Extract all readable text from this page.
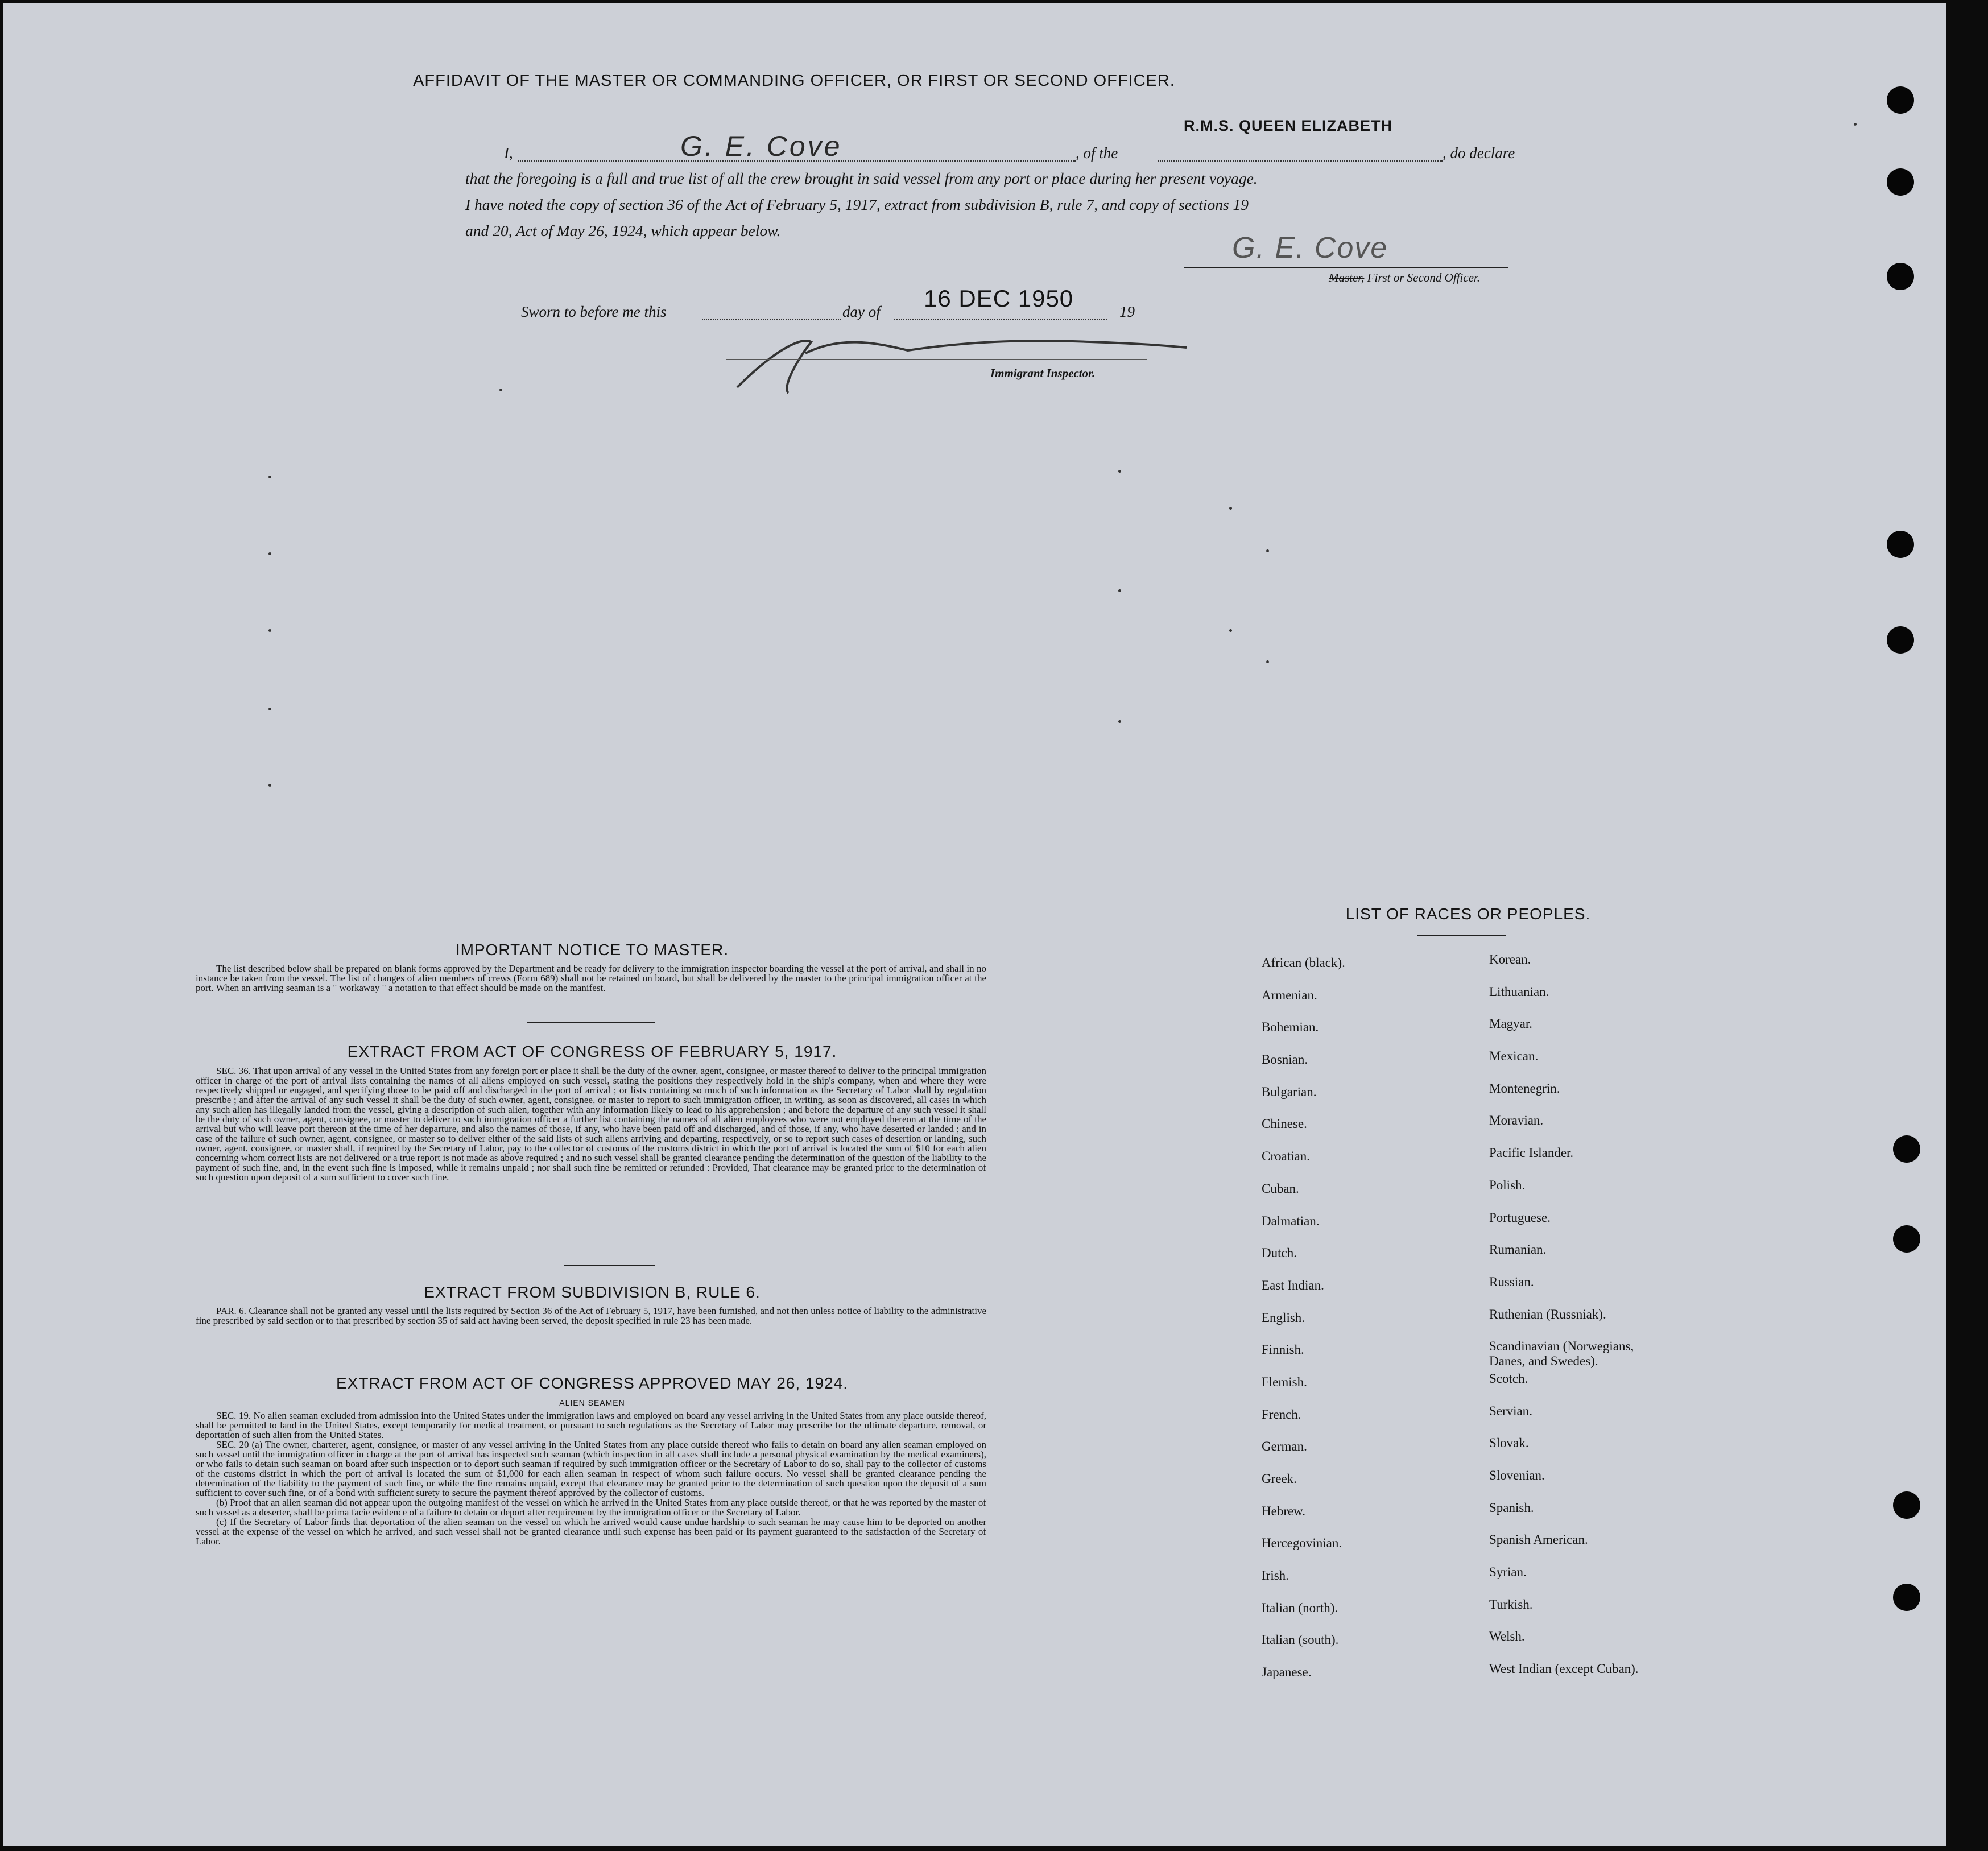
AFFIDAVIT OF THE MASTER OR COMMANDING OFFICER, OR FIRST OR SECOND OFFICER.
R.M.S. QUEEN ELIZABETH
I,	G. E. Cove	, of the	, do declare
that the foregoing is a full and true list of all the crew brought in said vessel from any port or place during her present voyage.
I have noted the copy of section 36 of the Act of February 5, 1917, extract from subdivision B, rule 7, and copy of sections 19
and 20, Act of May 26, 1924, which appear below.
G. E. Cove
Master, First or Second Officer.
Sworn to before me this	day of 16 DEC 1950	19
Immigrant Inspector.
IMPORTANT NOTICE TO MASTER.
The list described below shall be prepared on blank forms approved by the Department and be ready for delivery to the immigration inspector boarding the vessel at the port of arrival, and shall in no instance be taken from the vessel. The list of changes of alien members of crews (Form 689) shall not be retained on board, but shall be delivered by the master to the principal immigration officer at the port. When an arriving seaman is a " workaway " a notation to that effect should be made on the manifest.
EXTRACT FROM ACT OF CONGRESS OF FEBRUARY 5, 1917.
SEC. 36. That upon arrival of any vessel in the United States from any foreign port or place it shall be the duty of the owner, agent, consignee, or master thereof to deliver to the principal immigration officer in charge of the port of arrival lists containing the names of all aliens employed on such vessel, stating the positions they respectively hold in the ship's company, when and where they were respectively shipped or engaged, and specifying those to be paid off and discharged in the port of arrival ; or lists containing so much of such information as the Secretary of Labor shall by regulation prescribe ; and after the arrival of any such vessel it shall be the duty of such owner, agent, consignee, or master to report to such immigration officer, in writing, as soon as discovered, all cases in which any such alien has illegally landed from the vessel, giving a description of such alien, together with any information likely to lead to his apprehension ; and before the departure of any such vessel it shall be the duty of such owner, agent, consignee, or master to deliver to such immigration officer a further list containing the names of all alien employees who were not employed thereon at the time of the arrival but who will leave port thereon at the time of her departure, and also the names of those, if any, who have been paid off and discharged, and of those, if any, who have deserted or landed ; and in case of the failure of such owner, agent, consignee, or master so to deliver either of the said lists of such aliens arriving and departing, respectively, or so to report such cases of desertion or landing, such owner, agent, consignee, or master shall, if required by the Secretary of Labor, pay to the collector of customs of the customs district in which the port of arrival is located the sum of $10 for each alien concerning whom correct lists are not delivered or a true report is not made as above required ; and no such vessel shall be granted clearance pending the determination of the question of the liability to the payment of such fine, and, in the event such fine is imposed, while it remains unpaid ; nor shall such fine be remitted or refunded : Provided, That clearance may be granted prior to the determination of such question upon deposit of a sum sufficient to cover such fine.
EXTRACT FROM SUBDIVISION B, RULE 6.
PAR. 6. Clearance shall not be granted any vessel until the lists required by Section 36 of the Act of February 5, 1917, have been furnished, and not then unless notice of liability to the administrative fine prescribed by said section or to that prescribed by section 35 of said act having been served, the deposit specified in rule 23 has been made.
EXTRACT FROM ACT OF CONGRESS APPROVED MAY 26, 1924.
ALIEN SEAMEN

SEC. 19. No alien seaman excluded from admission into the United States under the immigration laws and employed on board any vessel arriving in the United States from any place outside thereof, shall be permitted to land in the United States, except temporarily for medical treatment, or pursuant to such regulations as the Secretary of Labor may prescribe for the ultimate departure, removal, or deportation of such alien from the United States.

SEC. 20 (a) The owner, charterer, agent, consignee, or master of any vessel arriving in the United States from any place outside thereof who fails to detain on board any alien seaman employed on such vessel until the immigration officer in charge at the port of arrival has inspected such seaman (which inspection in all cases shall include a personal physical examination by the medical examiners), or who fails to detain such seaman on board after such inspection or to deport such seaman if required by such immigration officer or the Secretary of Labor to do so, shall pay to the collector of customs of the customs district in which the port of arrival is located the sum of $1,000 for each alien seaman in respect of whom such failure occurs. No vessel shall be granted clearance pending the determination of the liability to the payment of such fine, or while the fine remains unpaid, except that clearance may be granted prior to the determination of such question upon the deposit of a sum sufficient to cover such fine, or of a bond with sufficient surety to secure the payment thereof approved by the collector of customs.

(b) Proof that an alien seaman did not appear upon the outgoing manifest of the vessel on which he arrived in the United States from any place outside thereof, or that he was reported by the master of such vessel as a deserter, shall be prima facie evidence of a failure to detain or deport after requirement by the immigration officer or the Secretary of Labor.

(c) If the Secretary of Labor finds that deportation of the alien seaman on the vessel on which he arrived would cause undue hardship to such seaman he may cause him to be deported on another vessel at the expense of the vessel on which he arrived, and such vessel shall not be granted clearance until such expense has been paid or its payment guaranteed to the satisfaction of the Secretary of Labor.

LIST OF RACES OR PEOPLES.
African (black).
Armenian.
Bohemian.
Bosnian.
Bulgarian.
Chinese.
Croatian.
Cuban.
Dalmatian.
Dutch.
East Indian.
English.
Finnish.
Flemish.
French.
German.
Greek.
Hebrew.
Hercegovinian.
Irish.
Italian (north).
Italian (south).
Japanese.
Korean.
Lithuanian.
Magyar.
Mexican.
Montenegrin.
Moravian.
Pacific Islander.
Polish.
Portuguese.
Rumanian.
Russian.
Ruthenian (Russniak).
Scandinavian (Norwegians,
Danes, and Swedes).
Scotch.
Servian.
Slovak.
Slovenian.
Spanish.
Spanish American.
Syrian.
Turkish.
Welsh.
West Indian (except Cuban).
